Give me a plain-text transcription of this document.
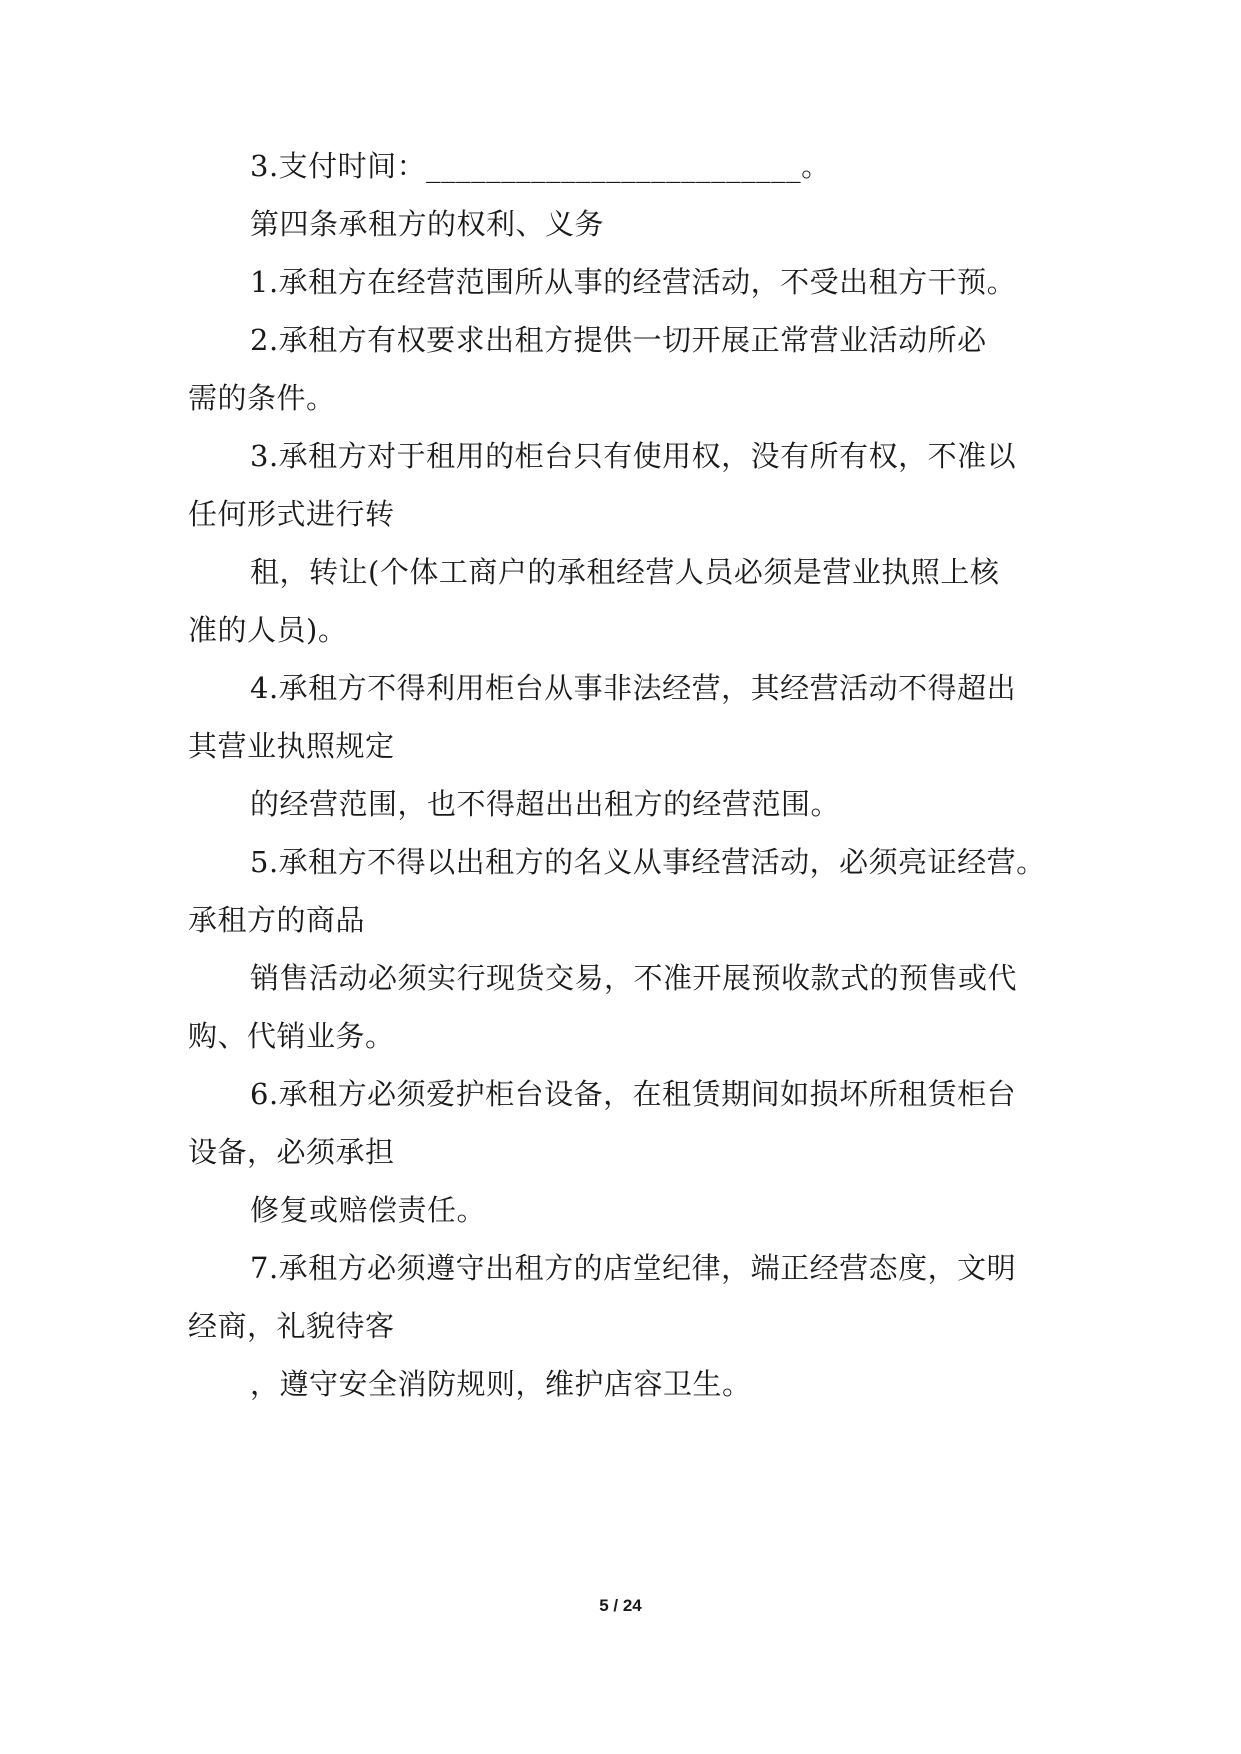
3.支付时间：_________________________。
第四条承租方的权利、义务
1.承租方在经营范围所从事的经营活动，不受出租方干预。
2.承租方有权要求出租方提供一切开展正常营业活动所必
需的条件。
3.承租方对于租用的柜台只有使用权，没有所有权，不准以
任何形式进行转
租，转让(个体工商户的承租经营人员必须是营业执照上核
准的人员)。
4.承租方不得利用柜台从事非法经营，其经营活动不得超出
其营业执照规定
的经营范围，也不得超出出租方的经营范围。
5.承租方不得以出租方的名义从事经营活动，必须亮证经营。
承租方的商品
销售活动必须实行现货交易，不准开展预收款式的预售或代
购、代销业务。
6.承租方必须爱护柜台设备，在租赁期间如损坏所租赁柜台
设备，必须承担
修复或赔偿责任。
7.承租方必须遵守出租方的店堂纪律，端正经营态度，文明
经商，礼貌待客
，遵守安全消防规则，维护店容卫生。
5 / 24
